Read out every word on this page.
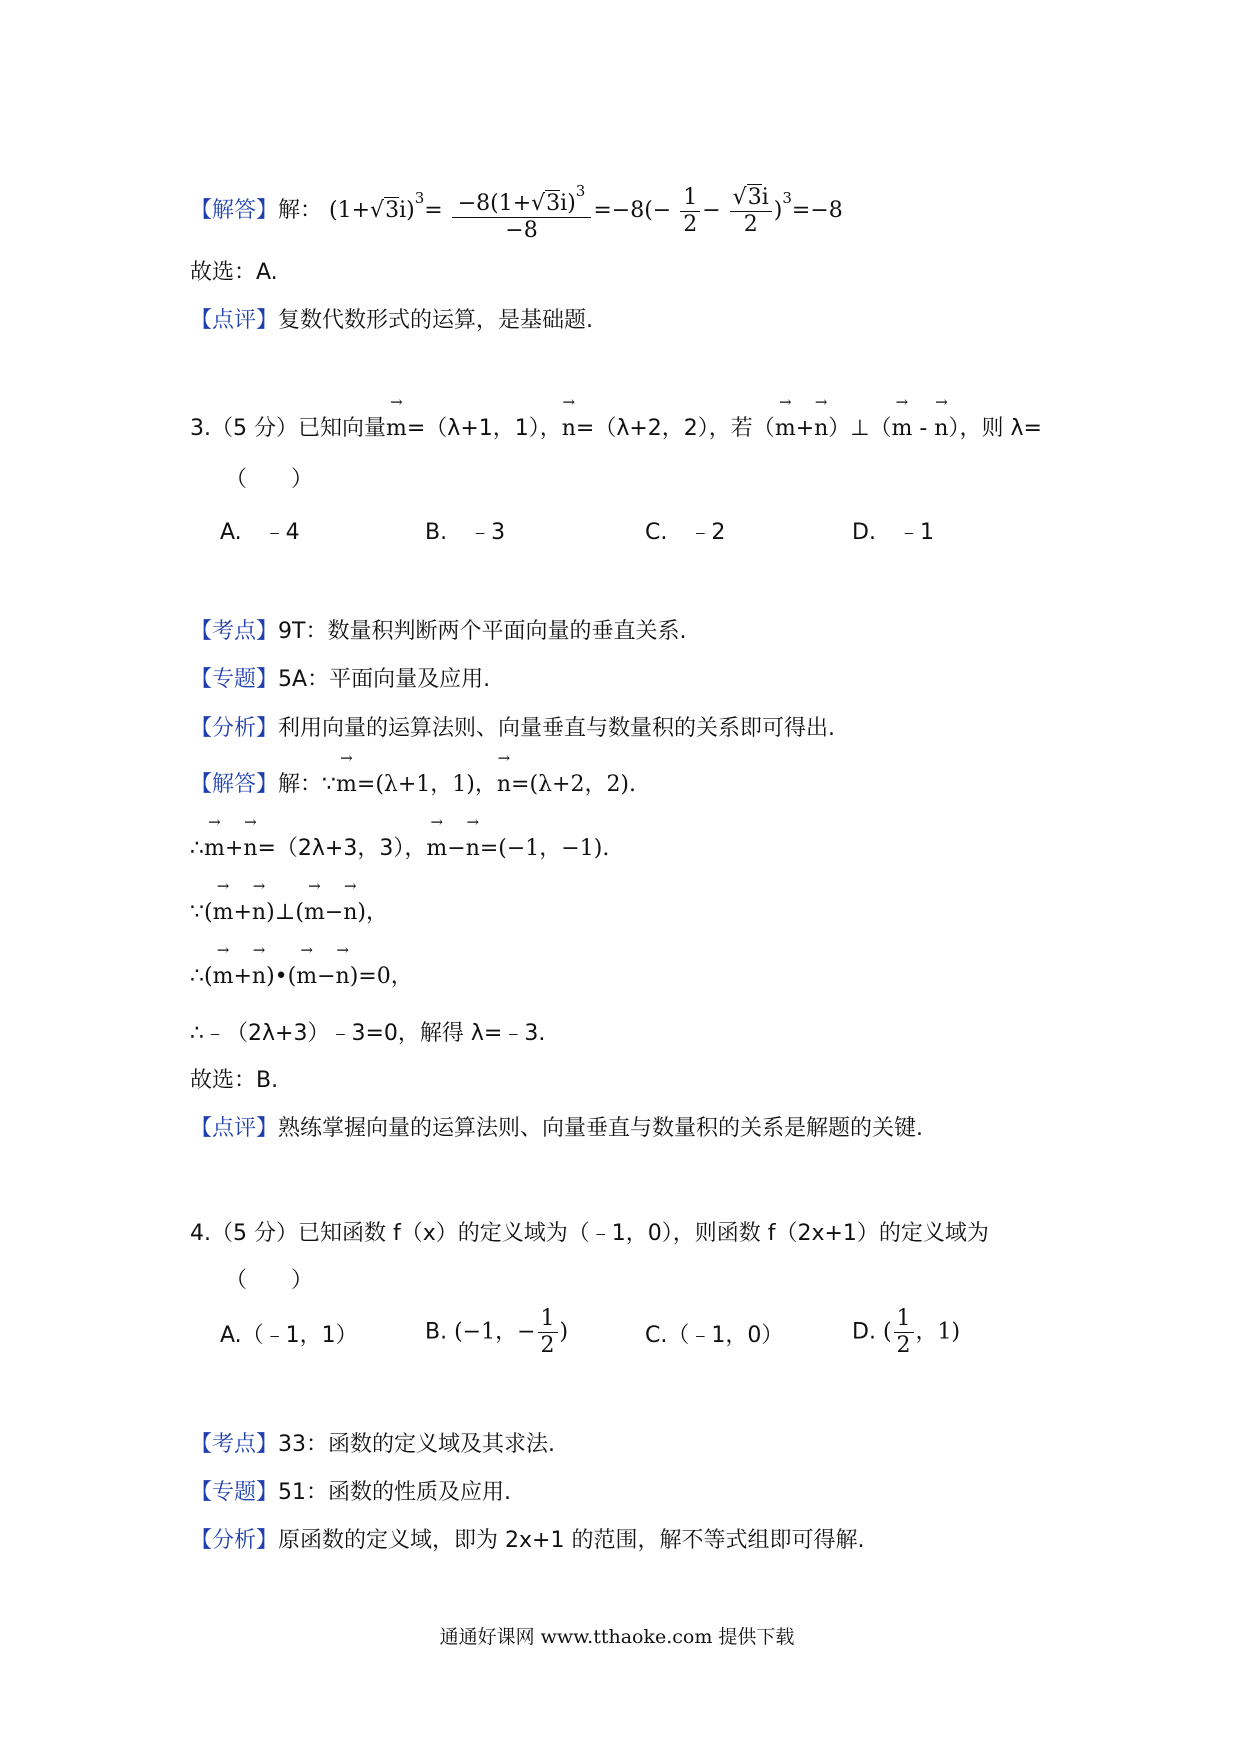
【解答】解： $(1+√3i)^3= \frac{-8(1+√3i)^3}{-8} =-8(- \frac{1}{2} - \frac{√3i}{2} )^3=-8$
故选：A.
【点评】复数代数形式的运算，是基础题.
3.（5 分）已知向量→ m=（λ+1，1），→ n=（λ+2，2），若（→ m+→ n）⊥（→ m - → n），则 λ=
（　　）
A.　 ﹣4	B.　 ﹣3	C.　 ﹣2	D.　 ﹣1
【考点】9T：数量积判断两个平面向量的垂直关系.
【专题】5A：平面向量及应用.
【分析】利用向量的运算法则、向量垂直与数量积的关系即可得出.
【解答】解：∵→ m=(λ+1，1)，→ n=(λ+2，2).
∴→ m+→ n=（2λ+3，3），→ m−→ n=(−1，−1).
∵(→ m+→ n)⊥(→ m−→ n)，
∴(→ m+→ n)•(→ m−→ n)=0，
∴﹣（2λ+3）﹣3=0，解得 λ=﹣3.
故选：B.
【点评】熟练掌握向量的运算法则、向量垂直与数量积的关系是解题的关键.
4.（5 分）已知函数 f（x）的定义域为（﹣1，0），则函数 f（2x+1）的定义域为
（　　）
A.（﹣1，1）	B. (−1，− $\frac{1}{2}$ )	C.（﹣1，0）	D. ( $\frac{1}{2}$ ，1)
【考点】33：函数的定义域及其求法.
【专题】51：函数的性质及应用.
【分析】原函数的定义域，即为 2x+1 的范围，解不等式组即可得解.
通通好课网 www.tthaoke.com 提供下载
